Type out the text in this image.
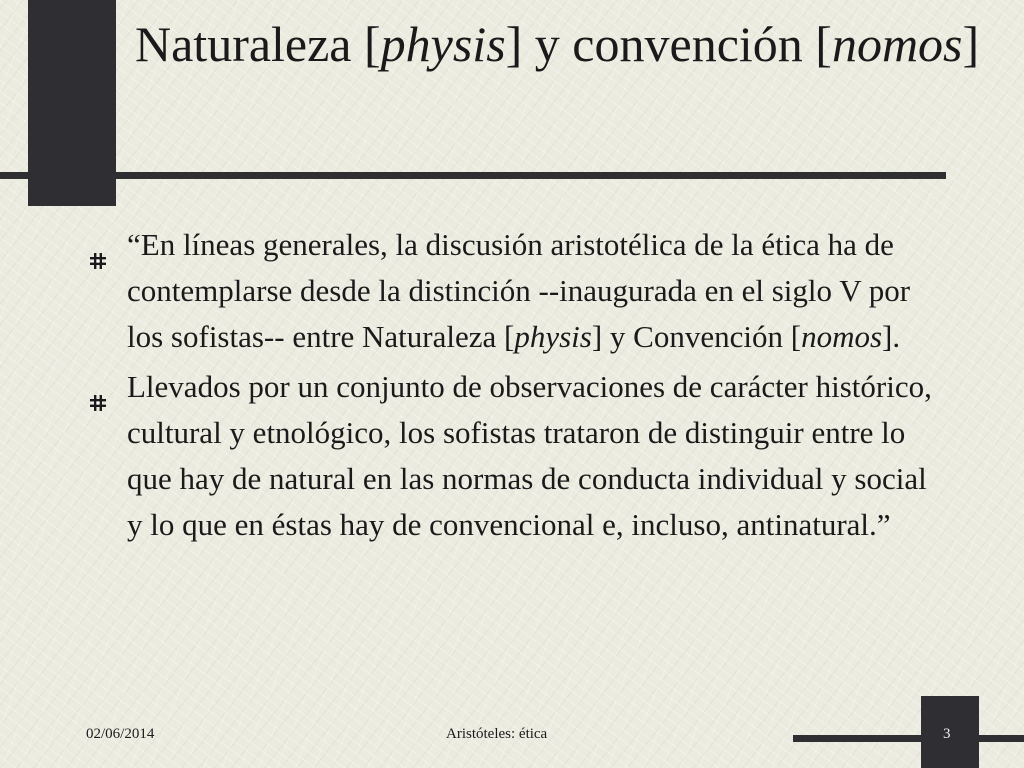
Naturaleza [physis] y convención [nomos]
“En líneas generales, la discusión aristotélica de la ética ha de contemplarse desde la distinción --inaugurada en el siglo V por los sofistas-- entre Naturaleza [physis] y Convención [nomos].
Llevados por un conjunto de observaciones de carácter histórico, cultural y etnológico, los sofistas trataron de distinguir entre lo que hay de natural en las normas de conducta individual y social y lo que en éstas hay de convencional e, incluso, antinatural.”
02/06/2014	Aristóteles: ética	3
